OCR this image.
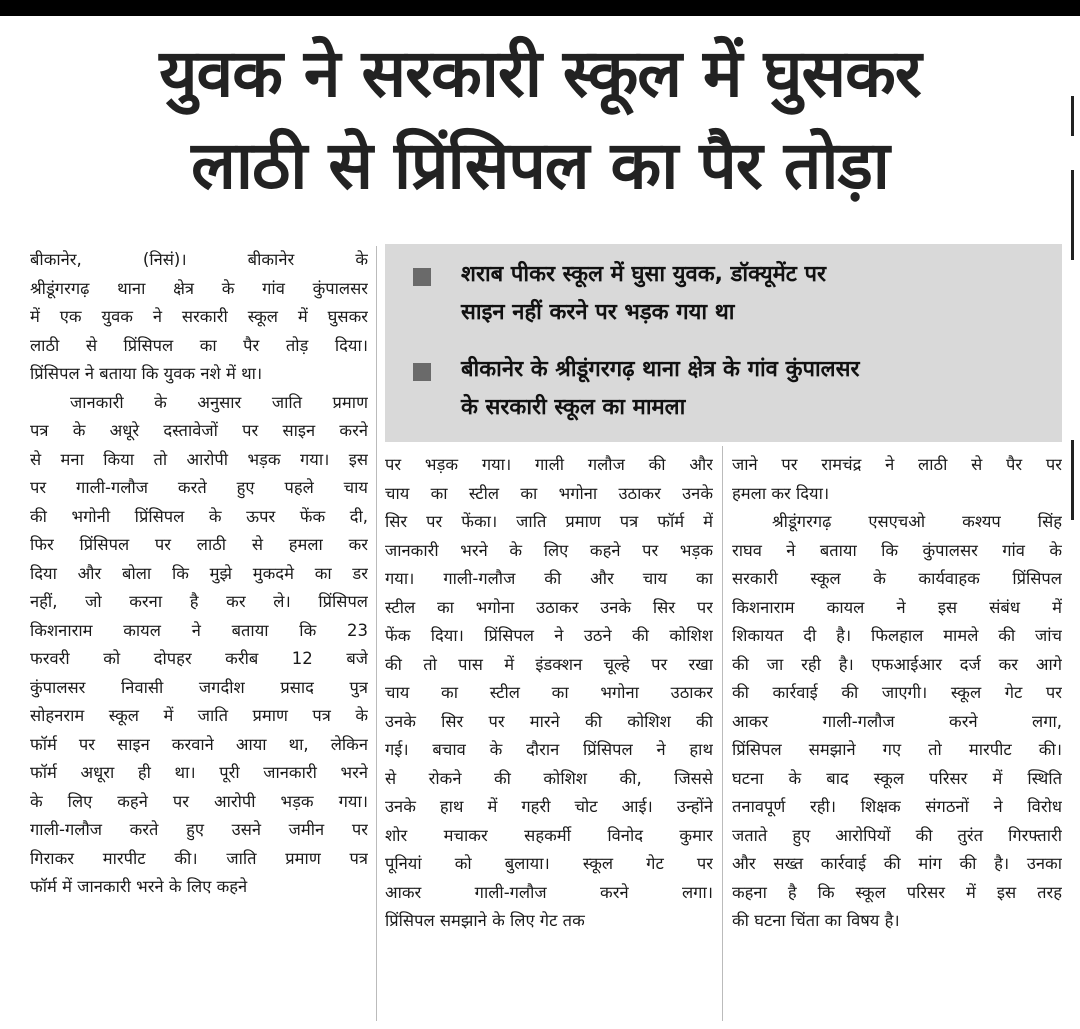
युवक ने सरकारी स्कूल में घुसकर
लाठी से प्रिंसिपल का पैर तोड़ा
शराब पीकर स्कूल में घुसा युवक, डॉक्यूमेंट पर
साइन नहीं करने पर भड़क गया था
बीकानेर के श्रीडूंगरगढ़ थाना क्षेत्र के गांव कुंपालसर
के सरकारी स्कूल का मामला
बीकानेर, (निसं)। बीकानेर के
श्रीडूंगरगढ़ थाना क्षेत्र के गांव कुंपालसर
में एक युवक ने सरकारी स्कूल में घुसकर
लाठी से प्रिंसिपल का पैर तोड़ दिया।
प्रिंसिपल ने बताया कि युवक नशे में था।
जानकारी के अनुसार जाति प्रमाण
पत्र के अधूरे दस्तावेजों पर साइन करने
से मना किया तो आरोपी भड़क गया। इस
पर गाली-गलौज करते हुए पहले चाय
की भगोनी प्रिंसिपल के ऊपर फेंक दी,
फिर प्रिंसिपल पर लाठी से हमला कर
दिया और बोला कि मुझे मुकदमे का डर
नहीं, जो करना है कर ले। प्रिंसिपल
किशनाराम कायल ने बताया कि 23
फरवरी को दोपहर करीब 12 बजे
कुंपालसर निवासी जगदीश प्रसाद पुत्र
सोहनराम स्कूल में जाति प्रमाण पत्र के
फॉर्म पर साइन करवाने आया था, लेकिन
फॉर्म अधूरा ही था। पूरी जानकारी भरने
के लिए कहने पर आरोपी भड़क गया।
गाली-गलौज करते हुए उसने जमीन पर
गिराकर मारपीट की। जाति प्रमाण पत्र
फॉर्म में जानकारी भरने के लिए कहने
पर भड़क गया। गाली गलौज की और
चाय का स्टील का भगोना उठाकर उनके
सिर पर फेंका। जाति प्रमाण पत्र फॉर्म में
जानकारी भरने के लिए कहने पर भड़क
गया। गाली-गलौज की और चाय का
स्टील का भगोना उठाकर उनके सिर पर
फेंक दिया। प्रिंसिपल ने उठने की कोशिश
की तो पास में इंडक्शन चूल्हे पर रखा
चाय का स्टील का भगोना उठाकर
उनके सिर पर मारने की कोशिश की
गई। बचाव के दौरान प्रिंसिपल ने हाथ
से रोकने की कोशिश की, जिससे
उनके हाथ में गहरी चोट आई। उन्होंने
शोर मचाकर सहकर्मी विनोद कुमार
पूनियां को बुलाया। स्कूल गेट पर
आकर गाली-गलौज करने लगा।
प्रिंसिपल समझाने के लिए गेट तक
जाने पर रामचंद्र ने लाठी से पैर पर
हमला कर दिया।
श्रीडूंगरगढ़ एसएचओ कश्यप सिंह
राघव ने बताया कि कुंपालसर गांव के
सरकारी स्कूल के कार्यवाहक प्रिंसिपल
किशनाराम कायल ने इस संबंध में
शिकायत दी है। फिलहाल मामले की जांच
की जा रही है। एफआईआर दर्ज कर आगे
की कार्रवाई की जाएगी। स्कूल गेट पर
आकर गाली-गलौज करने लगा,
प्रिंसिपल समझाने गए तो मारपीट की।
घटना के बाद स्कूल परिसर में स्थिति
तनावपूर्ण रही। शिक्षक संगठनों ने विरोध
जताते हुए आरोपियों की तुरंत गिरफ्तारी
और सख्त कार्रवाई की मांग की है। उनका
कहना है कि स्कूल परिसर में इस तरह
की घटना चिंता का विषय है।
